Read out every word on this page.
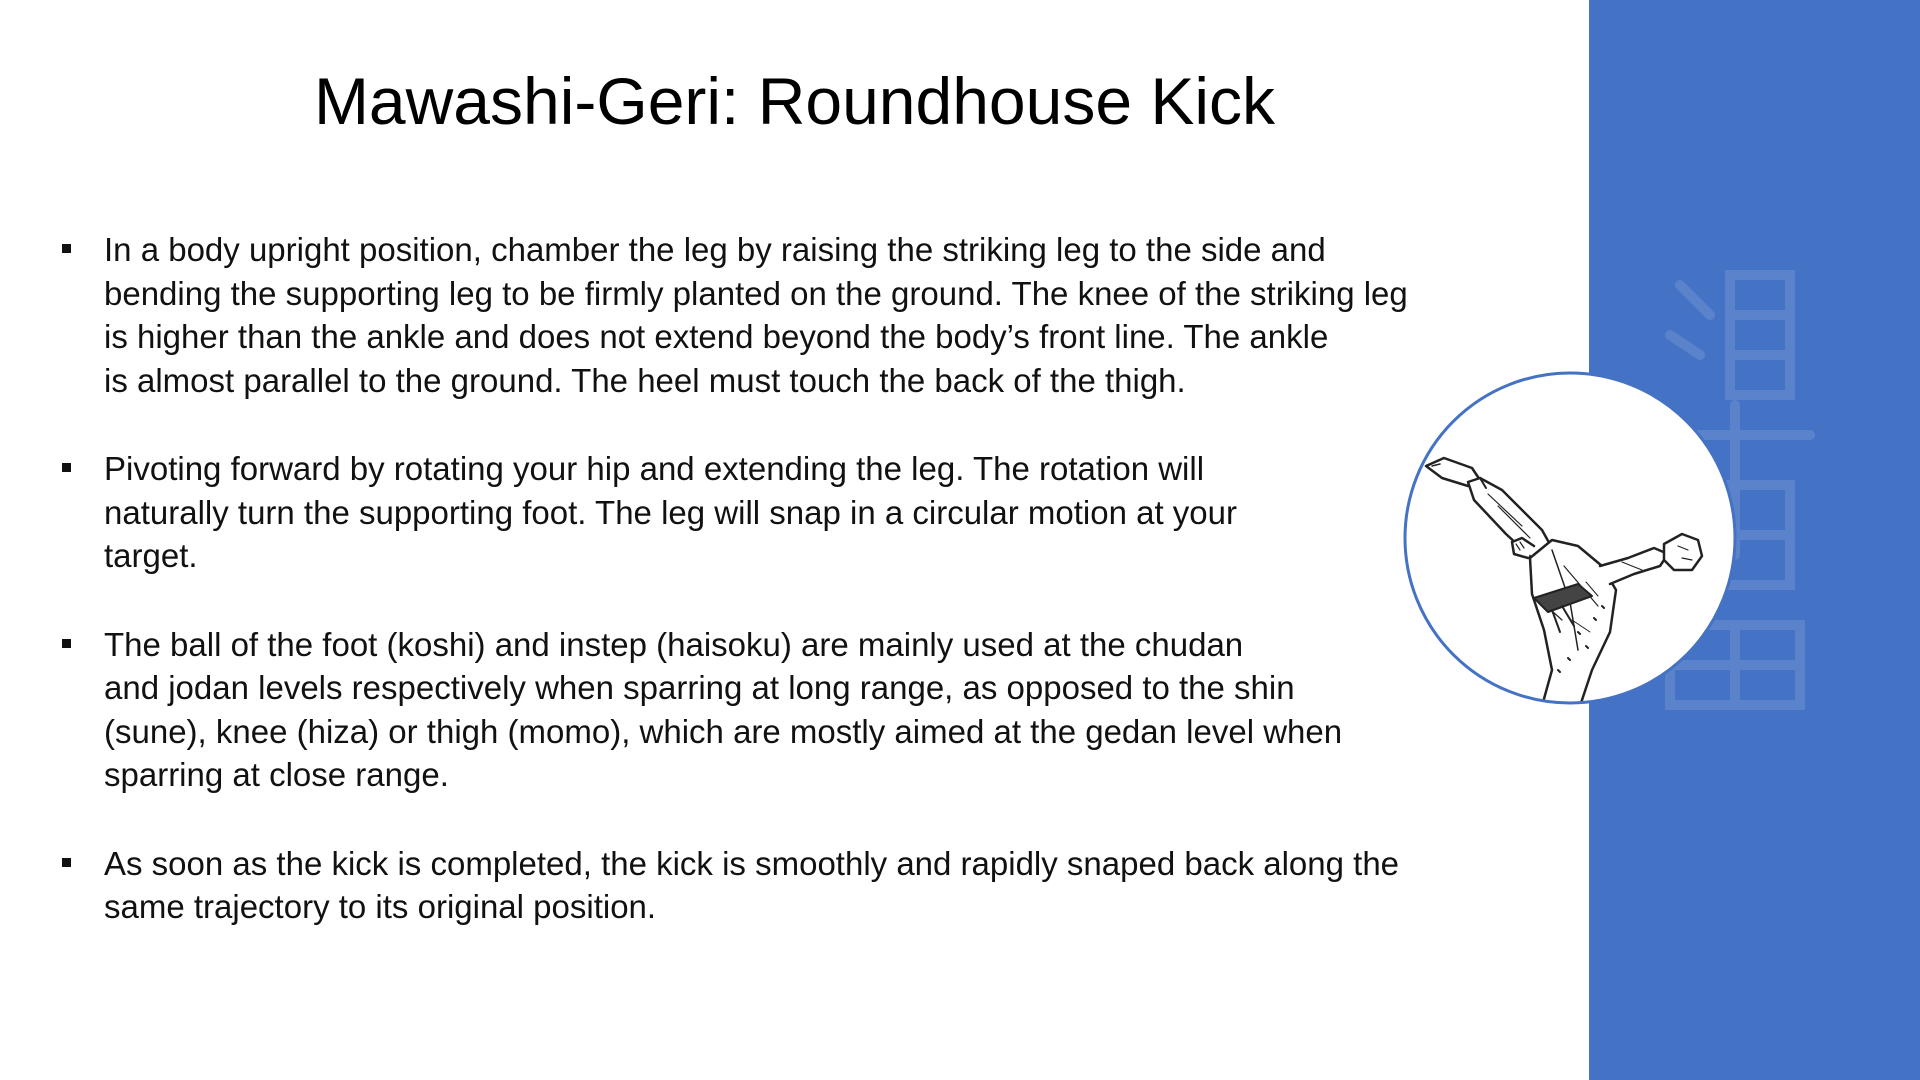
Mawashi-Geri: Roundhouse Kick
In a body upright position, chamber the leg by raising the striking leg to the side and
bending the supporting leg to be firmly planted on the ground. The knee of the striking leg
is higher than the ankle and does not extend beyond the body’s front line. The ankle
is almost parallel to the ground. The heel must touch the back of the thigh.
Pivoting forward by rotating your hip and extending the leg. The rotation will
naturally turn the supporting foot. The leg will snap in a circular motion at your
target.
The ball of the foot (koshi) and instep (haisoku) are mainly used at the chudan
and jodan levels respectively when sparring at long range, as opposed to the shin
(sune), knee (hiza) or thigh (momo), which are mostly aimed at the gedan level when
sparring at close range.
As soon as the kick is completed, the kick is smoothly and rapidly snaped back along the
same trajectory to its original position.
